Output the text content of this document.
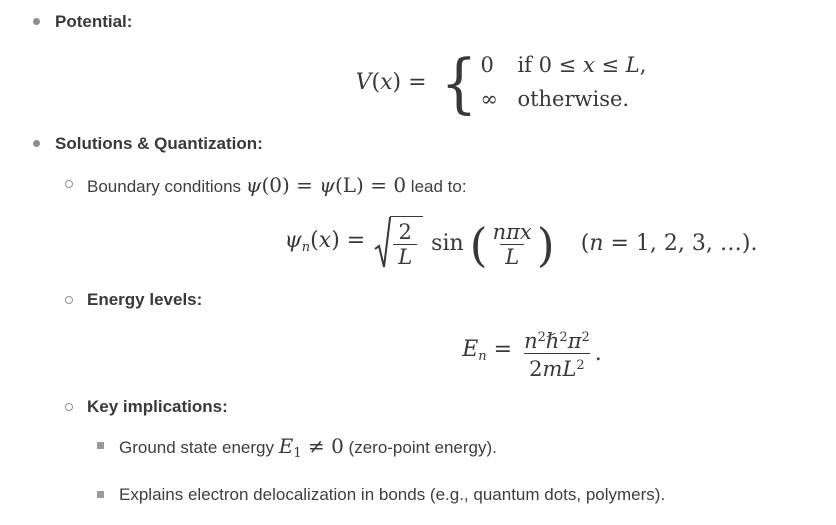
Potential:
V(x) = { 0	if 0 ≤ x ≤ L,
∞ otherwise.
Solutions & Quantization:
Boundary conditions ψ(0) = ψ(L) = 0 lead to:
$\psi n(x) = \frac{2}{L}$ sin ( $\frac{\text{nπx}}{L}$ ) (n = 1, 2, 3, …).
Energy levels:
$En = \frac{n^2\hbar^2\pi^2}{2mL^2}$ .
Key implications:
Ground state energy $E_1 \ne 0$ (zero-point energy).
Explains electron delocalization in bonds (e.g., quantum dots, polymers).
